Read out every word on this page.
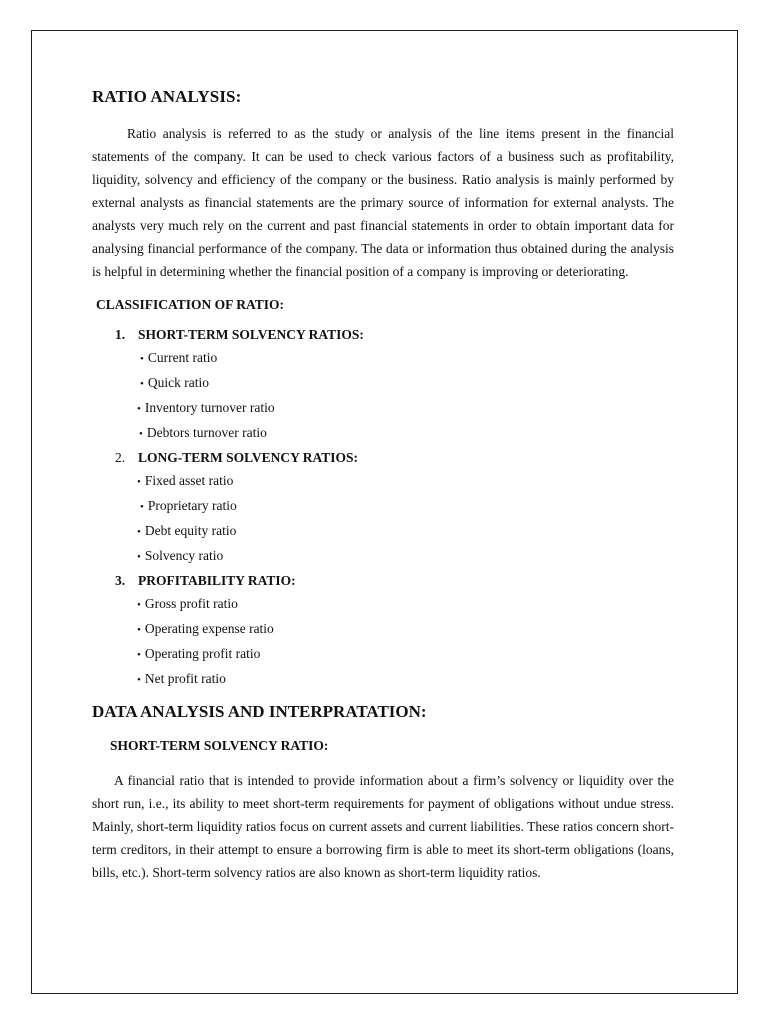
RATIO ANALYSIS:

Ratio analysis is referred to as the study or analysis of the line items present in the financial statements of the company. It can be used to check various factors of a business such as profitability, liquidity, solvency and efficiency of the company or the business. Ratio analysis is mainly performed by external analysts as financial statements are the primary source of information for external analysts. The analysts very much rely on the current and past financial statements in order to obtain important data for analysing financial performance of the company. The data or information thus obtained during the analysis is helpful in determining whether the financial position of a company is improving or deteriorating.

CLASSIFICATION OF RATIO:
1. SHORT-TERM SOLVENCY RATIOS:
• Current ratio
• Quick ratio
• Inventory turnover ratio
• Debtors turnover ratio
2. LONG-TERM SOLVENCY RATIOS:
• Fixed asset ratio
• Proprietary ratio
• Debt equity ratio
• Solvency ratio
3. PROFITABILITY RATIO:
• Gross profit ratio
• Operating expense ratio
• Operating profit ratio
• Net profit ratio
DATA ANALYSIS AND INTERPRATATION:
SHORT-TERM SOLVENCY RATIO:

A financial ratio that is intended to provide information about a firm’s solvency or liquidity over the short run, i.e., its ability to meet short-term requirements for payment of obligations without undue stress. Mainly, short-term liquidity ratios focus on current assets and current liabilities. These ratios concern short-term creditors, in their attempt to ensure a borrowing firm is able to meet its short-term obligations (loans, bills, etc.). Short-term solvency ratios are also known as short-term liquidity ratios.
